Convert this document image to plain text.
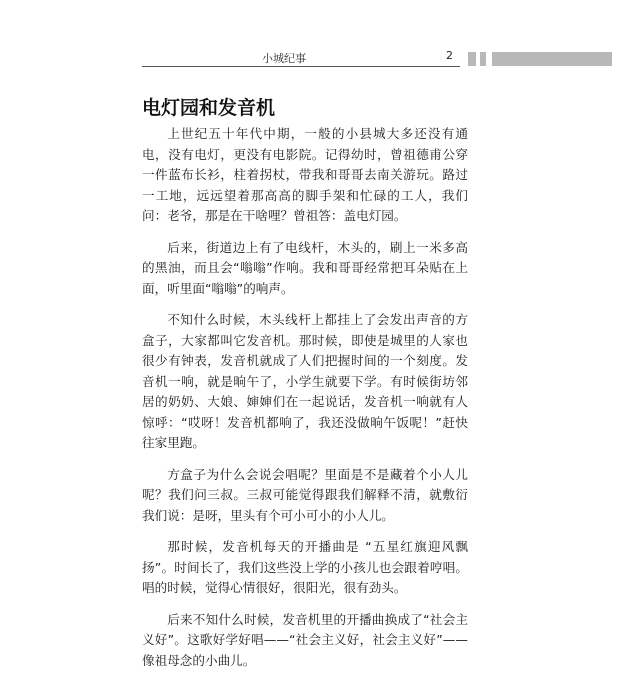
小城纪事	2
电灯园和发音机

上世纪五十年代中期，一般的小县城大多还没有通电，没有电灯，更没有电影院。记得幼时，曾祖德甫公穿一件蓝布长衫，柱着拐杖，带我和哥哥去南关游玩。路过一工地，远远望着那高高的脚手架和忙碌的工人，我们问：老爷，那是在干啥哩？曾祖答：盖电灯园。

后来，街道边上有了电线杆，木头的，刷上一米多高的黑油，而且会“嗡嗡”作响。我和哥哥经常把耳朵贴在上面，听里面“嗡嗡”的响声。

不知什么时候，木头线杆上都挂上了会发出声音的方盒子，大家都叫它发音机。那时候，即使是城里的人家也很少有钟表，发音机就成了人们把握时间的一个刻度。发音机一响，就是晌午了，小学生就要下学。有时候街坊邻居的奶奶、大娘、婶婶们在一起说话，发音机一响就有人惊呼：“哎呀！发音机都响了，我还没做晌午饭呢！”赶快往家里跑。

方盒子为什么会说会唱呢？里面是不是藏着个小人儿呢？我们问三叔。三叔可能觉得跟我们解释不清，就敷衍我们说：是呀，里头有个可小可小的小人儿。

那时候，发音机每天的开播曲是 “五星红旗迎风飘扬”。时间长了，我们这些没上学的小孩儿也会跟着哼唱。唱的时候，觉得心情很好，很阳光，很有劲头。

后来不知什么时候，发音机里的开播曲换成了“社会主义好”。这歌好学好唱——“社会主义好，社会主义好”——像祖母念的小曲儿。
